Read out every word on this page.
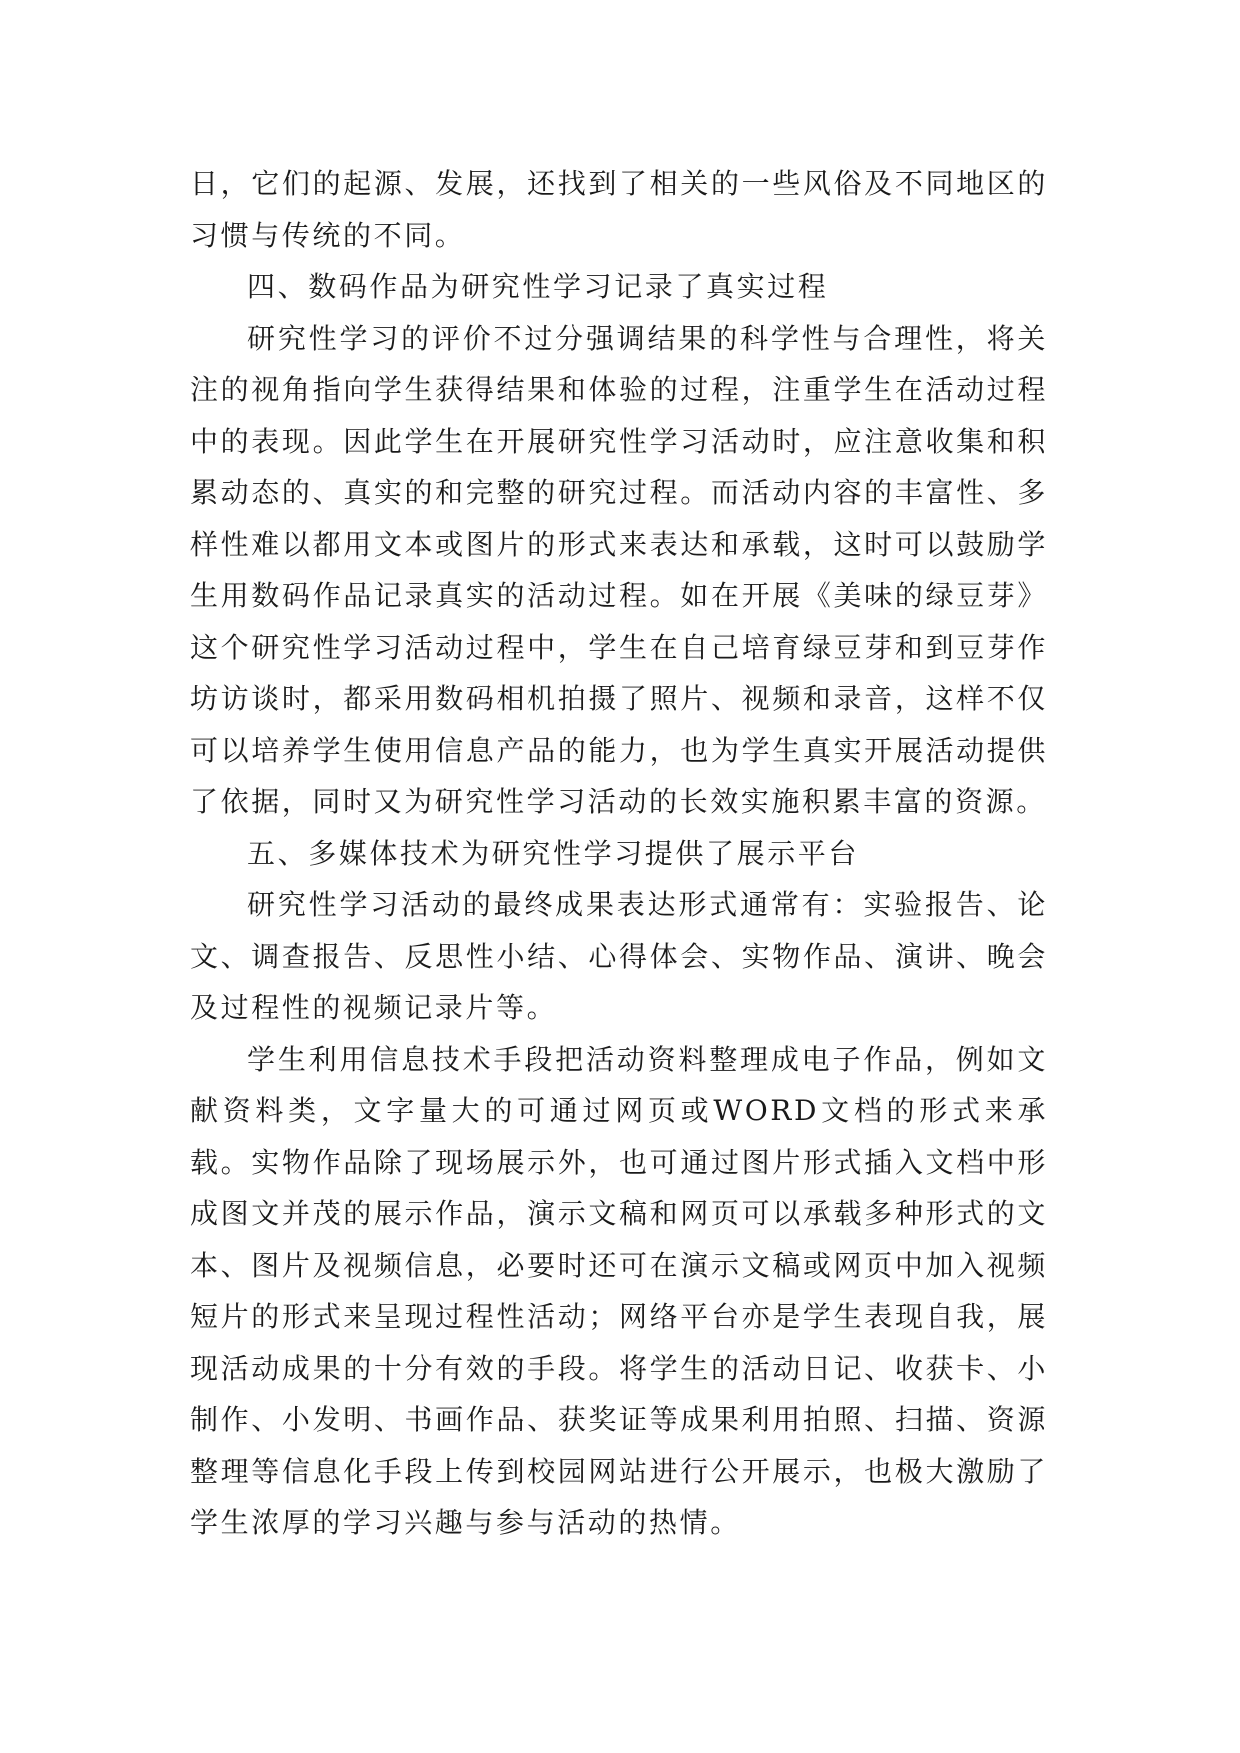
日，它们的起源、发展，还找到了相关的一些风俗及不同地区的习惯与传统的不同。

四、数码作品为研究性学习记录了真实过程

研究性学习的评价不过分强调结果的科学性与合理性，将关注的视角指向学生获得结果和体验的过程，注重学生在活动过程中的表现。因此学生在开展研究性学习活动时，应注意收集和积累动态的、真实的和完整的研究过程。而活动内容的丰富性、多样性难以都用文本或图片的形式来表达和承载，这时可以鼓励学生用数码作品记录真实的活动过程。如在开展《美味的绿豆芽》这个研究性学习活动过程中，学生在自己培育绿豆芽和到豆芽作坊访谈时，都采用数码相机拍摄了照片、视频和录音，这样不仅可以培养学生使用信息产品的能力，也为学生真实开展活动提供了依据，同时又为研究性学习活动的长效实施积累丰富的资源。

五、多媒体技术为研究性学习提供了展示平台

研究性学习活动的最终成果表达形式通常有：实验报告、论文、调查报告、反思性小结、心得体会、实物作品、演讲、晚会及过程性的视频记录片等。

学生利用信息技术手段把活动资料整理成电子作品，例如文献资料类，文字量大的可通过网页或WORD文档的形式来承载。实物作品除了现场展示外，也可通过图片形式插入文档中形成图文并茂的展示作品，演示文稿和网页可以承载多种形式的文本、图片及视频信息，必要时还可在演示文稿或网页中加入视频短片的形式来呈现过程性活动；网络平台亦是学生表现自我，展现活动成果的十分有效的手段。将学生的活动日记、收获卡、小制作、小发明、书画作品、获奖证等成果利用拍照、扫描、资源整理等信息化手段上传到校园网站进行公开展示，也极大激励了学生浓厚的学习兴趣与参与活动的热情。
